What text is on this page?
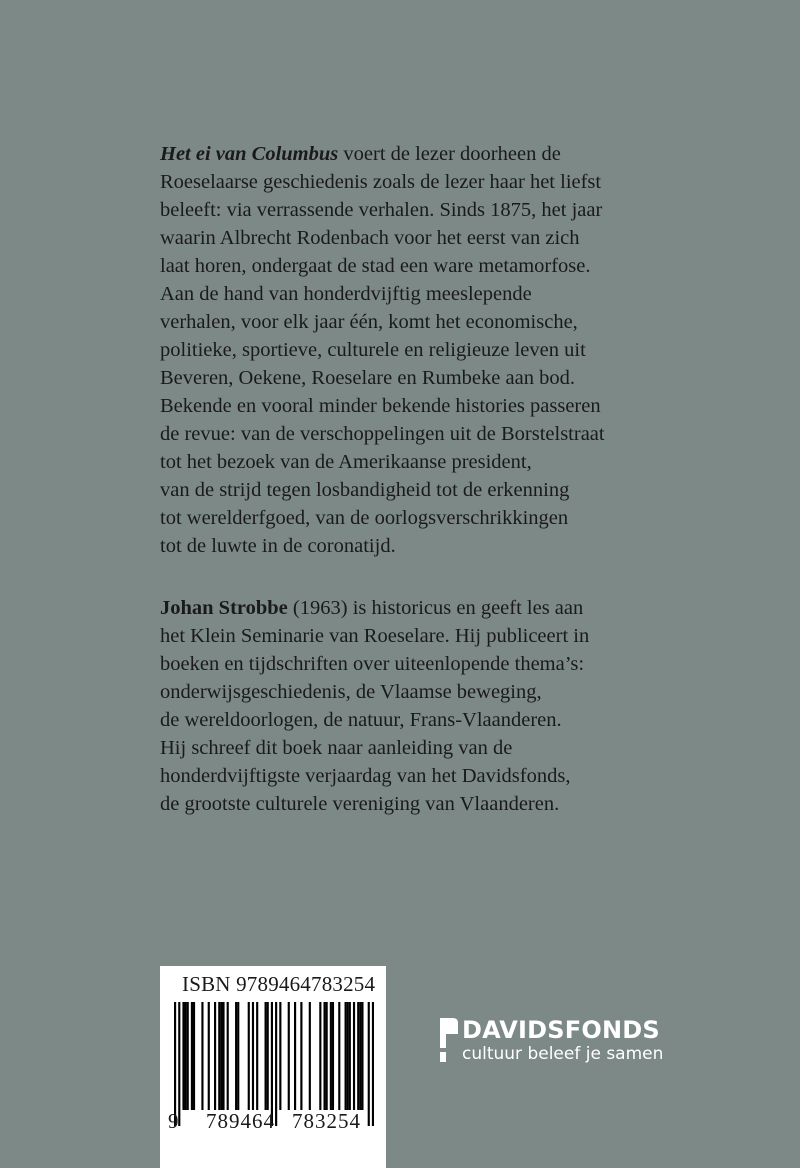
Het ei van Columbus voert de lezer doorheen de
Roeselaarse geschiedenis zoals de lezer haar het liefst
beleeft: via verrassende verhalen. Sinds 1875, het jaar
waarin Albrecht Rodenbach voor het eerst van zich
laat horen, ondergaat de stad een ware metamorfose.
Aan de hand van honderdvijftig meeslepende
verhalen, voor elk jaar één, komt het economische,
politieke, sportieve, culturele en religieuze leven uit
Beveren, Oekene, Roeselare en Rumbeke aan bod.
Bekende en vooral minder bekende histories passeren
de revue: van de verschoppelingen uit de Borstelstraat
tot het bezoek van de Amerikaanse president,
van de strijd tegen losbandigheid tot de erkenning
tot werelderfgoed, van de oorlogsverschrikkingen
tot de luwte in de coronatijd.
Johan Strobbe (1963) is historicus en geeft les aan
het Klein Seminarie van Roeselare. Hij publiceert in
boeken en tijdschriften over uiteenlopende thema’s:
onderwijsgeschiedenis, de Vlaamse beweging,
de wereldoorlogen, de natuur, Frans-Vlaanderen.
Hij schreef dit boek naar aanleiding van de
honderdvijftigste verjaardag van het Davidsfonds,
de grootste culturele vereniging van Vlaanderen.
ISBN 9789464783254
9 789464 783254
DAVIDSFONDS
cultuur beleef je samen
